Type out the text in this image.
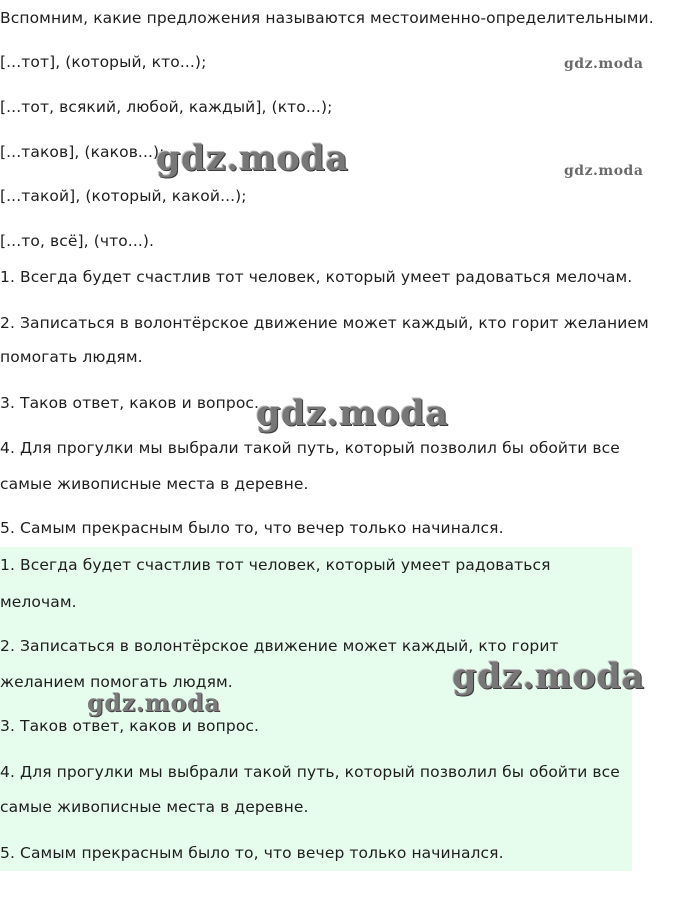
Вспомним, какие предложения называются местоименно-определительными.

[...тот], (который, кто...);

[...тот, всякий, любой, каждый], (кто...);

[...таков], (каков...);

[...такой], (который, какой...);

[...то, всё], (что...).

1. Всегда будет счастлив тот человек, который умеет радоваться мелочам.

2. Записаться в волонтёрское движение может каждый, кто горит желанием

помогать людям.

3. Таков ответ, каков и вопрос.

4. Для прогулки мы выбрали такой путь, который позволил бы обойти все

самые живописные места в деревне.

5. Самым прекрасным было то, что вечер только начинался.

1. Всегда будет счастлив тот человек, который умеет радоваться

мелочам.

2. Записаться в волонтёрское движение может каждый, кто горит

желанием помогать людям.

3. Таков ответ, каков и вопрос.

4. Для прогулки мы выбрали такой путь, который позволил бы обойти все

самые живописные места в деревне.

5. Самым прекрасным было то, что вечер только начинался.

gdz.moda
gdz.moda
gdz.moda
gdz.moda
gdz.moda
gdz.moda
